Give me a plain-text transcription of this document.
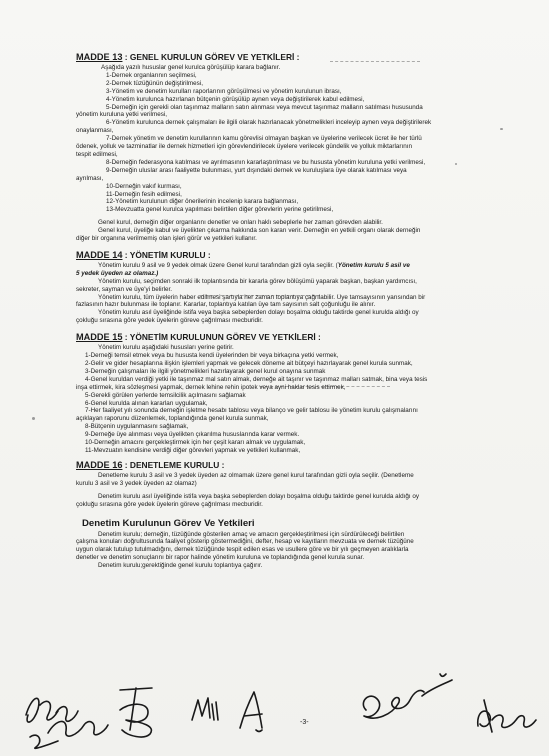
MADDE 13 : GENEL KURULUN GÖREV VE YETKİLERİ :
Aşağıda yazılı hususlar genel kurulca görüşülüp karara bağlanır.
1-Dernek organlarının seçilmesi,
2-Dernek tüzüğünün değiştirilmesi,
3-Yönetim ve denetim kurulları raporlarının görüşülmesi ve yönetim kurulunun ibrası,
4-Yönetim kurulunca hazırlanan bütçenin görüşülüp aynen veya değiştirilerek kabul edilmesi,
5-Derneğin için gerekli olan taşınmaz malların satın alınması veya mevcut taşınmaz malların satılması hususunda
yönetim kuruluna yetki verilmesi,
6-Yönetim kurulunca dernek çalışmaları ile ilgili olarak hazırlanacak yönetmelikleri inceleyip aynen veya değiştirilerek
onaylanması,
7-Dernek yönetim ve denetim kurullarının kamu görevlisi olmayan başkan ve üyelerine verilecek ücret ile her türlü
ödenek, yolluk ve tazminatlar ile dernek hizmetleri için görevlendirilecek üyelere verilecek gündelik ve yolluk miktarlarının
tespit edilmesi,
8-Derneğin federasyona katılması ve ayrılmasının kararlaştırılması ve bu hususta yönetim kuruluna yetki verilmesi,
9-Derneğin uluslar arası faaliyette bulunması, yurt dışındaki dernek ve kuruluşlara üye olarak katılması veya
ayrılması,
10-Derneğin vakıf kurması,
11-Derneğin fesih edilmesi,
12-Yönetim kurulunun diğer önerilerinin incelenip karara bağlanması,
13-Mevzuatta genel kurulca yapılması belirtilen diğer görevlerin yerine getirilmesi,
Genel kurul, derneğin diğer organlarını denetler ve onları haklı sebeplerle her zaman görevden alabilir.
Genel kurul, üyeliğe kabul ve üyelikten çıkarma hakkında son kararı verir. Derneğin en yetkili organı olarak derneğin
diğer bir organına verilmemiş olan işleri görür ve yetkileri kullanır.
MADDE 14 : YÖNETİM KURULU :
Yönetim kurulu 9 asil ve 9 yedek olmak üzere Genel kurul tarafından gizli oyla seçilir. (Yönetim kurulu 5 asil ve
5 yedek üyeden az olamaz.)
Yönetim kurulu, seçimden sonraki ilk toplantısında bir kararla görev bölüşümü yaparak başkan, başkan yardımcısı,
sekreter, sayman ve üye'yi belirler.
Yönetim kurulu, tüm üyelerin haber edilmesi şartıyla her zaman toplantıya çağrılabilir. Üye tamsayısının yarısından bir
fazlasının hazır bulunması ile toplanır. Kararlar, toplantıya katılan üye tam sayısının salt çoğunluğu ile alınır.
Yönetim kurulu asıl üyeliğinde istifa veya başka sebeplerden dolayı boşalma olduğu taktirde genel kurulda aldığı oy
çokluğu sırasına göre yedek üyelerin göreve çağrılması mecburidir.
MADDE 15 : YÖNETİM KURULUNUN GÖREV VE YETKİLERİ :
Yönetim kurulu aşağıdaki hususları yerine getirir.
1-Derneği temsil etmek veya bu hususta kendi üyelerinden bir veya birkaçına yetki vermek,
2-Gelir ve gider hesaplarına ilişkin işlemleri yapmak ve gelecek döneme ait bütçeyi hazırlayarak genel kurula sunmak,
3-Derneğin çalışmaları ile ilgili yönetmelikleri hazırlayarak genel kurul onayına sunmak
4-Genel kuruldan verdiği yetki ile taşınmaz mal satın almak, derneğe ait taşınır ve taşınmaz malları satmak, bina veya tesis
inşa ettirmek, kira sözleşmesi yapmak, dernek lehine rehin ipotek veya ayni haklar tesis ettirmek,
5-Gerekli görülen yerlerde temsilcilik açılmasını sağlamak
6-Genel kurulda alınan kararları uygulamak,
7-Her faaliyet yılı sonunda derneğin işletme hesabı tablosu veya bilanço ve gelir tablosu ile yönetim kurulu çalışmalarını
açıklayan raporunu düzenlemek, toplandığında genel kurula sunmak,
8-Bütçenin uygulanmasını sağlamak,
9-Derneğe üye alınması veya üyelikten çıkarılma hususlarında karar vermek.
10-Derneğin amacını gerçekleştirmek için her çeşit kararı almak ve uygulamak,
11-Mevzuatın kendisine verdiği diğer görevleri yapmak ve yetkileri kullanmak,
MADDE 16 : DENETLEME KURULU :
Denetleme kurulu 3 asil ve 3 yedek üyeden az olmamak üzere genel kurul tarafından gizli oyla seçilir. (Denetleme
kurulu 3 asil ve 3 yedek üyeden az olamaz)
Denetim kurulu asıl üyeliğinde istifa veya başka sebeplerden dolayı boşalma olduğu taktirde genel kurulda aldığı oy
çokluğu sırasına göre yedek üyelerin göreve çağrılması mecburidir.
Denetim Kurulunun Görev Ve Yetkileri
Denetim kurulu; derneğin, tüzüğünde gösterilen amaç ve amacın gerçekleştirilmesi için sürdürüleceği belirtilen
çalışma konuları doğrultusunda faaliyet gösterip göstermediğini, defter, hesap ve kayıtların mevzuata ve dernek tüzüğüne
uygun olarak tutulup tutulmadığını, dernek tüzüğünde tespit edilen esas ve usullere göre ve bir yılı geçmeyen aralıklarla
denetler ve denetim sonuçlarını bir rapor halinde yönetim kuruluna ve toplandığında genel kurula sunar.
Denetim kurulu;gerektiğinde genel kurulu toplantıya çağırır.
-3-
